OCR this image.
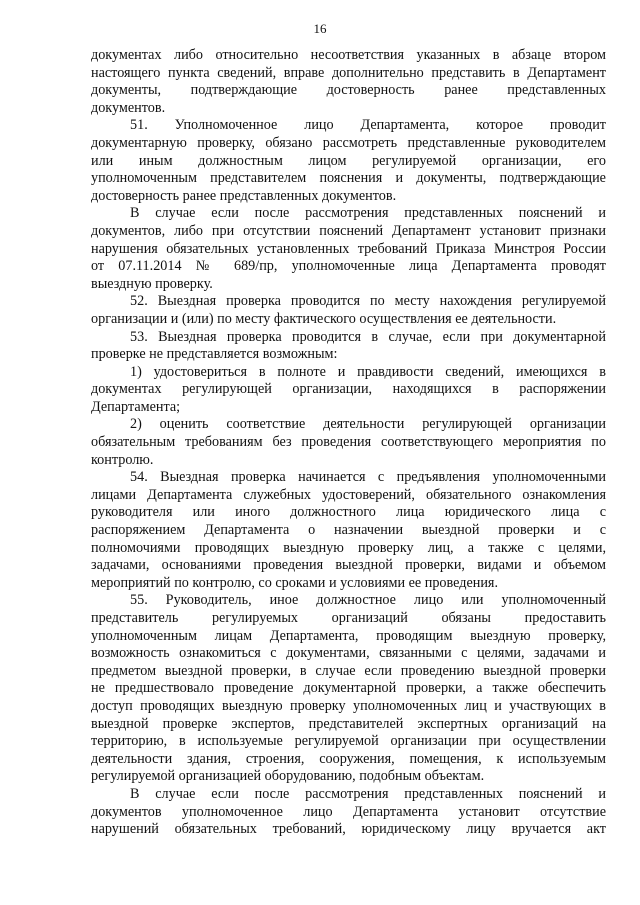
16
документах либо относительно несоответствия указанных в абзаце втором
настоящего пункта сведений, вправе дополнительно представить в Департамент
документы, подтверждающие достоверность ранее представленных
документов.
51. Уполномоченное лицо Департамента, которое проводит
документарную проверку, обязано рассмотреть представленные руководителем
или иным должностным лицом регулируемой организации, его
уполномоченным представителем пояснения и документы, подтверждающие
достоверность ранее представленных документов.
В случае если после рассмотрения представленных пояснений и
документов, либо при отсутствии пояснений Департамент установит признаки
нарушения обязательных установленных требований Приказа Минстроя России
от 07.11.2014 № 689/пр, уполномоченные лица Департамента проводят
выездную проверку.
52. Выездная проверка проводится по месту нахождения регулируемой
организации и (или) по месту фактического осуществления ее деятельности.
53. Выездная проверка проводится в случае, если при документарной
проверке не представляется возможным:
1) удостовериться в полноте и правдивости сведений, имеющихся в
документах регулирующей организации, находящихся в распоряжении
Департамента;
2) оценить соответствие деятельности регулирующей организации
обязательным требованиям без проведения соответствующего мероприятия по
контролю.
54. Выездная проверка начинается с предъявления уполномоченными
лицами Департамента служебных удостоверений, обязательного ознакомления
руководителя или иного должностного лица юридического лица с
распоряжением Департамента о назначении выездной проверки и с
полномочиями проводящих выездную проверку лиц, а также с целями,
задачами, основаниями проведения выездной проверки, видами и объемом
мероприятий по контролю, со сроками и условиями ее проведения.
55. Руководитель, иное должностное лицо или уполномоченный
представитель регулируемых организаций обязаны предоставить
уполномоченным лицам Департамента, проводящим выездную проверку,
возможность ознакомиться с документами, связанными с целями, задачами и
предметом выездной проверки, в случае если проведению выездной проверки
не предшествовало проведение документарной проверки, а также обеспечить
доступ проводящих выездную проверку уполномоченных лиц и участвующих в
выездной проверке экспертов, представителей экспертных организаций на
территорию, в используемые регулируемой организации при осуществлении
деятельности здания, строения, сооружения, помещения, к используемым
регулируемой организацией оборудованию, подобным объектам.
В случае если после рассмотрения представленных пояснений и
документов уполномоченное лицо Департамента установит отсутствие
нарушений обязательных требований, юридическому лицу вручается акт
